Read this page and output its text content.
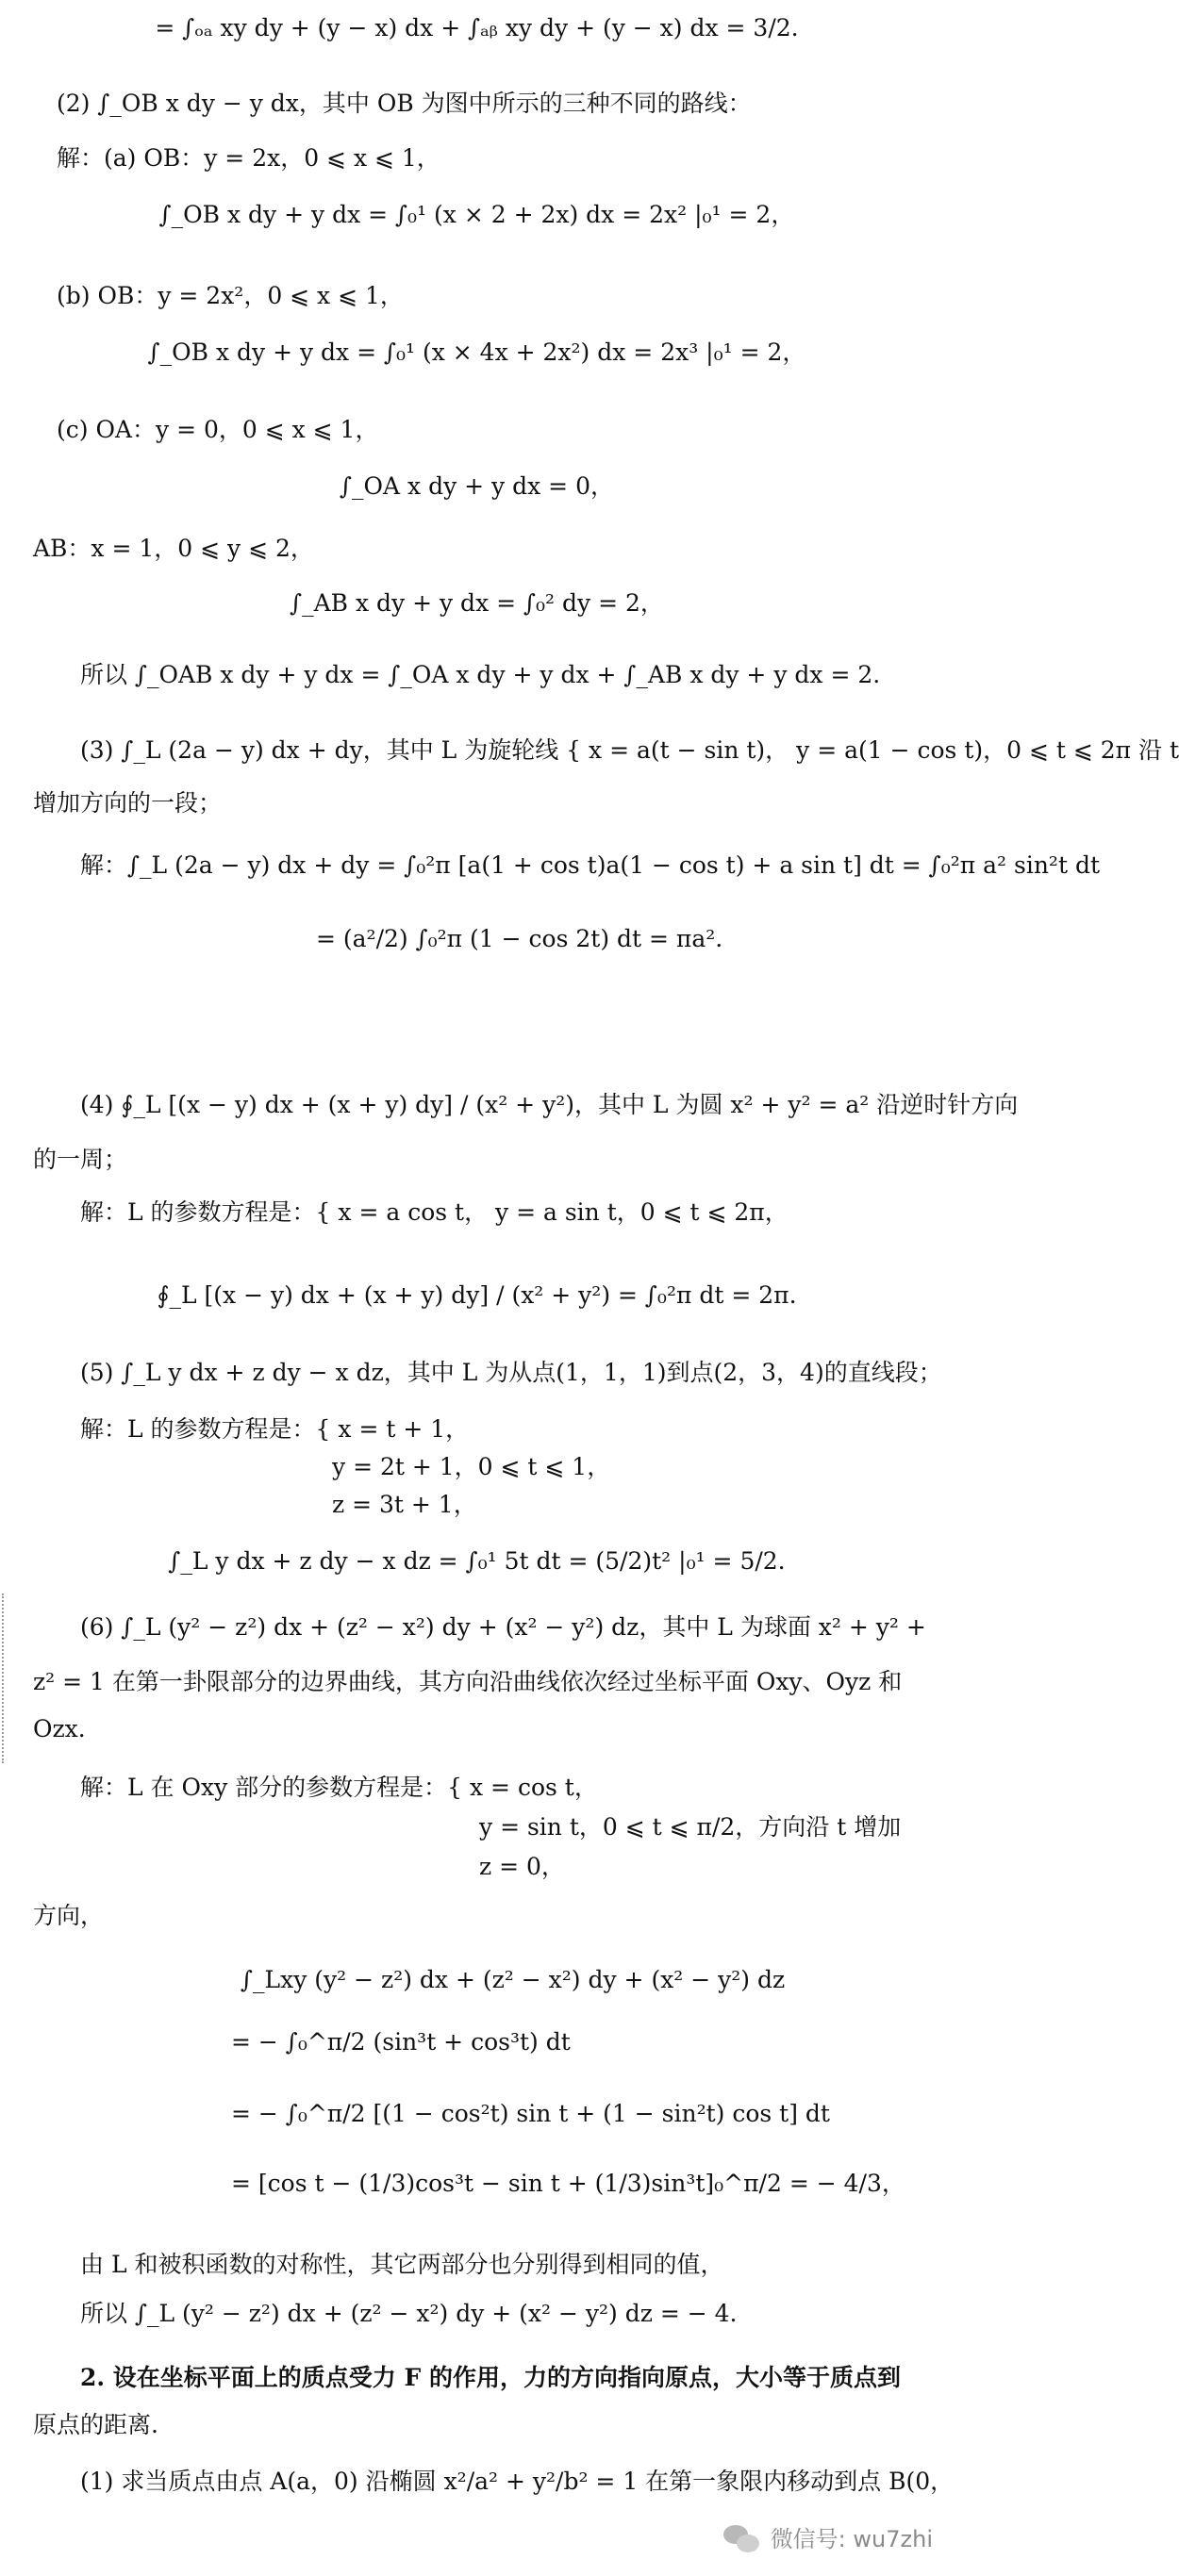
= ∫ₒₐ xy dy + (y − x) dx + ∫ₐᵦ xy dy + (y − x) dx = 3/2.
(2) ∫_OB x dy − y dx，其中 OB 为图中所示的三种不同的路线：
解：(a) OB：y = 2x，0 ⩽ x ⩽ 1，
∫_OB x dy + y dx = ∫₀¹ (x × 2 + 2x) dx = 2x² |₀¹ = 2，
(b) OB：y = 2x²，0 ⩽ x ⩽ 1，
∫_OB x dy + y dx = ∫₀¹ (x × 4x + 2x²) dx = 2x³ |₀¹ = 2，
(c) OA：y = 0，0 ⩽ x ⩽ 1，
∫_OA x dy + y dx = 0，
AB：x = 1，0 ⩽ y ⩽ 2，
∫_AB x dy + y dx = ∫₀² dy = 2，
所以 ∫_OAB x dy + y dx = ∫_OA x dy + y dx + ∫_AB x dy + y dx = 2.
(3) ∫_L (2a − y) dx + dy，其中 L 为旋轮线 { x = a(t − sin t)， y = a(1 − cos t)，0 ⩽ t ⩽ 2π 沿 t
增加方向的一段；
解：∫_L (2a − y) dx + dy = ∫₀²π [a(1 + cos t)a(1 − cos t) + a sin t] dt = ∫₀²π a² sin²t dt
= (a²/2) ∫₀²π (1 − cos 2t) dt = πa².
(4) ∮_L [(x − y) dx + (x + y) dy] / (x² + y²)，其中 L 为圆 x² + y² = a² 沿逆时针方向
的一周；
解：L 的参数方程是：{ x = a cos t， y = a sin t，0 ⩽ t ⩽ 2π，
∮_L [(x − y) dx + (x + y) dy] / (x² + y²) = ∫₀²π dt = 2π.
(5) ∫_L y dx + z dy − x dz，其中 L 为从点(1，1，1)到点(2，3，4)的直线段；
解：L 的参数方程是：{ x = t + 1，
y = 2t + 1，0 ⩽ t ⩽ 1，
z = 3t + 1，
∫_L y dx + z dy − x dz = ∫₀¹ 5t dt = (5/2)t² |₀¹ = 5/2.
(6) ∫_L (y² − z²) dx + (z² − x²) dy + (x² − y²) dz，其中 L 为球面 x² + y² +
z² = 1 在第一卦限部分的边界曲线，其方向沿曲线依次经过坐标平面 Oxy、Oyz 和
Ozx.
解：L 在 Oxy 部分的参数方程是：{ x = cos t，
y = sin t，0 ⩽ t ⩽ π/2，方向沿 t 增加
z = 0，
方向，
∫_Lxy (y² − z²) dx + (z² − x²) dy + (x² − y²) dz
= − ∫₀^π/2 (sin³t + cos³t) dt
= − ∫₀^π/2 [(1 − cos²t) sin t + (1 − sin²t) cos t] dt
= [cos t − (1/3)cos³t − sin t + (1/3)sin³t]₀^π/2 = − 4/3，
由 L 和被积函数的对称性，其它两部分也分别得到相同的值，
所以 ∫_L (y² − z²) dx + (z² − x²) dy + (x² − y²) dz = − 4.
2. 设在坐标平面上的质点受力 F 的作用，力的方向指向原点，大小等于质点到
原点的距离.
(1) 求当质点由点 A(a，0) 沿椭圆 x²/a² + y²/b² = 1 在第一象限内移动到点 B(0，
微信号: wu7zhi
